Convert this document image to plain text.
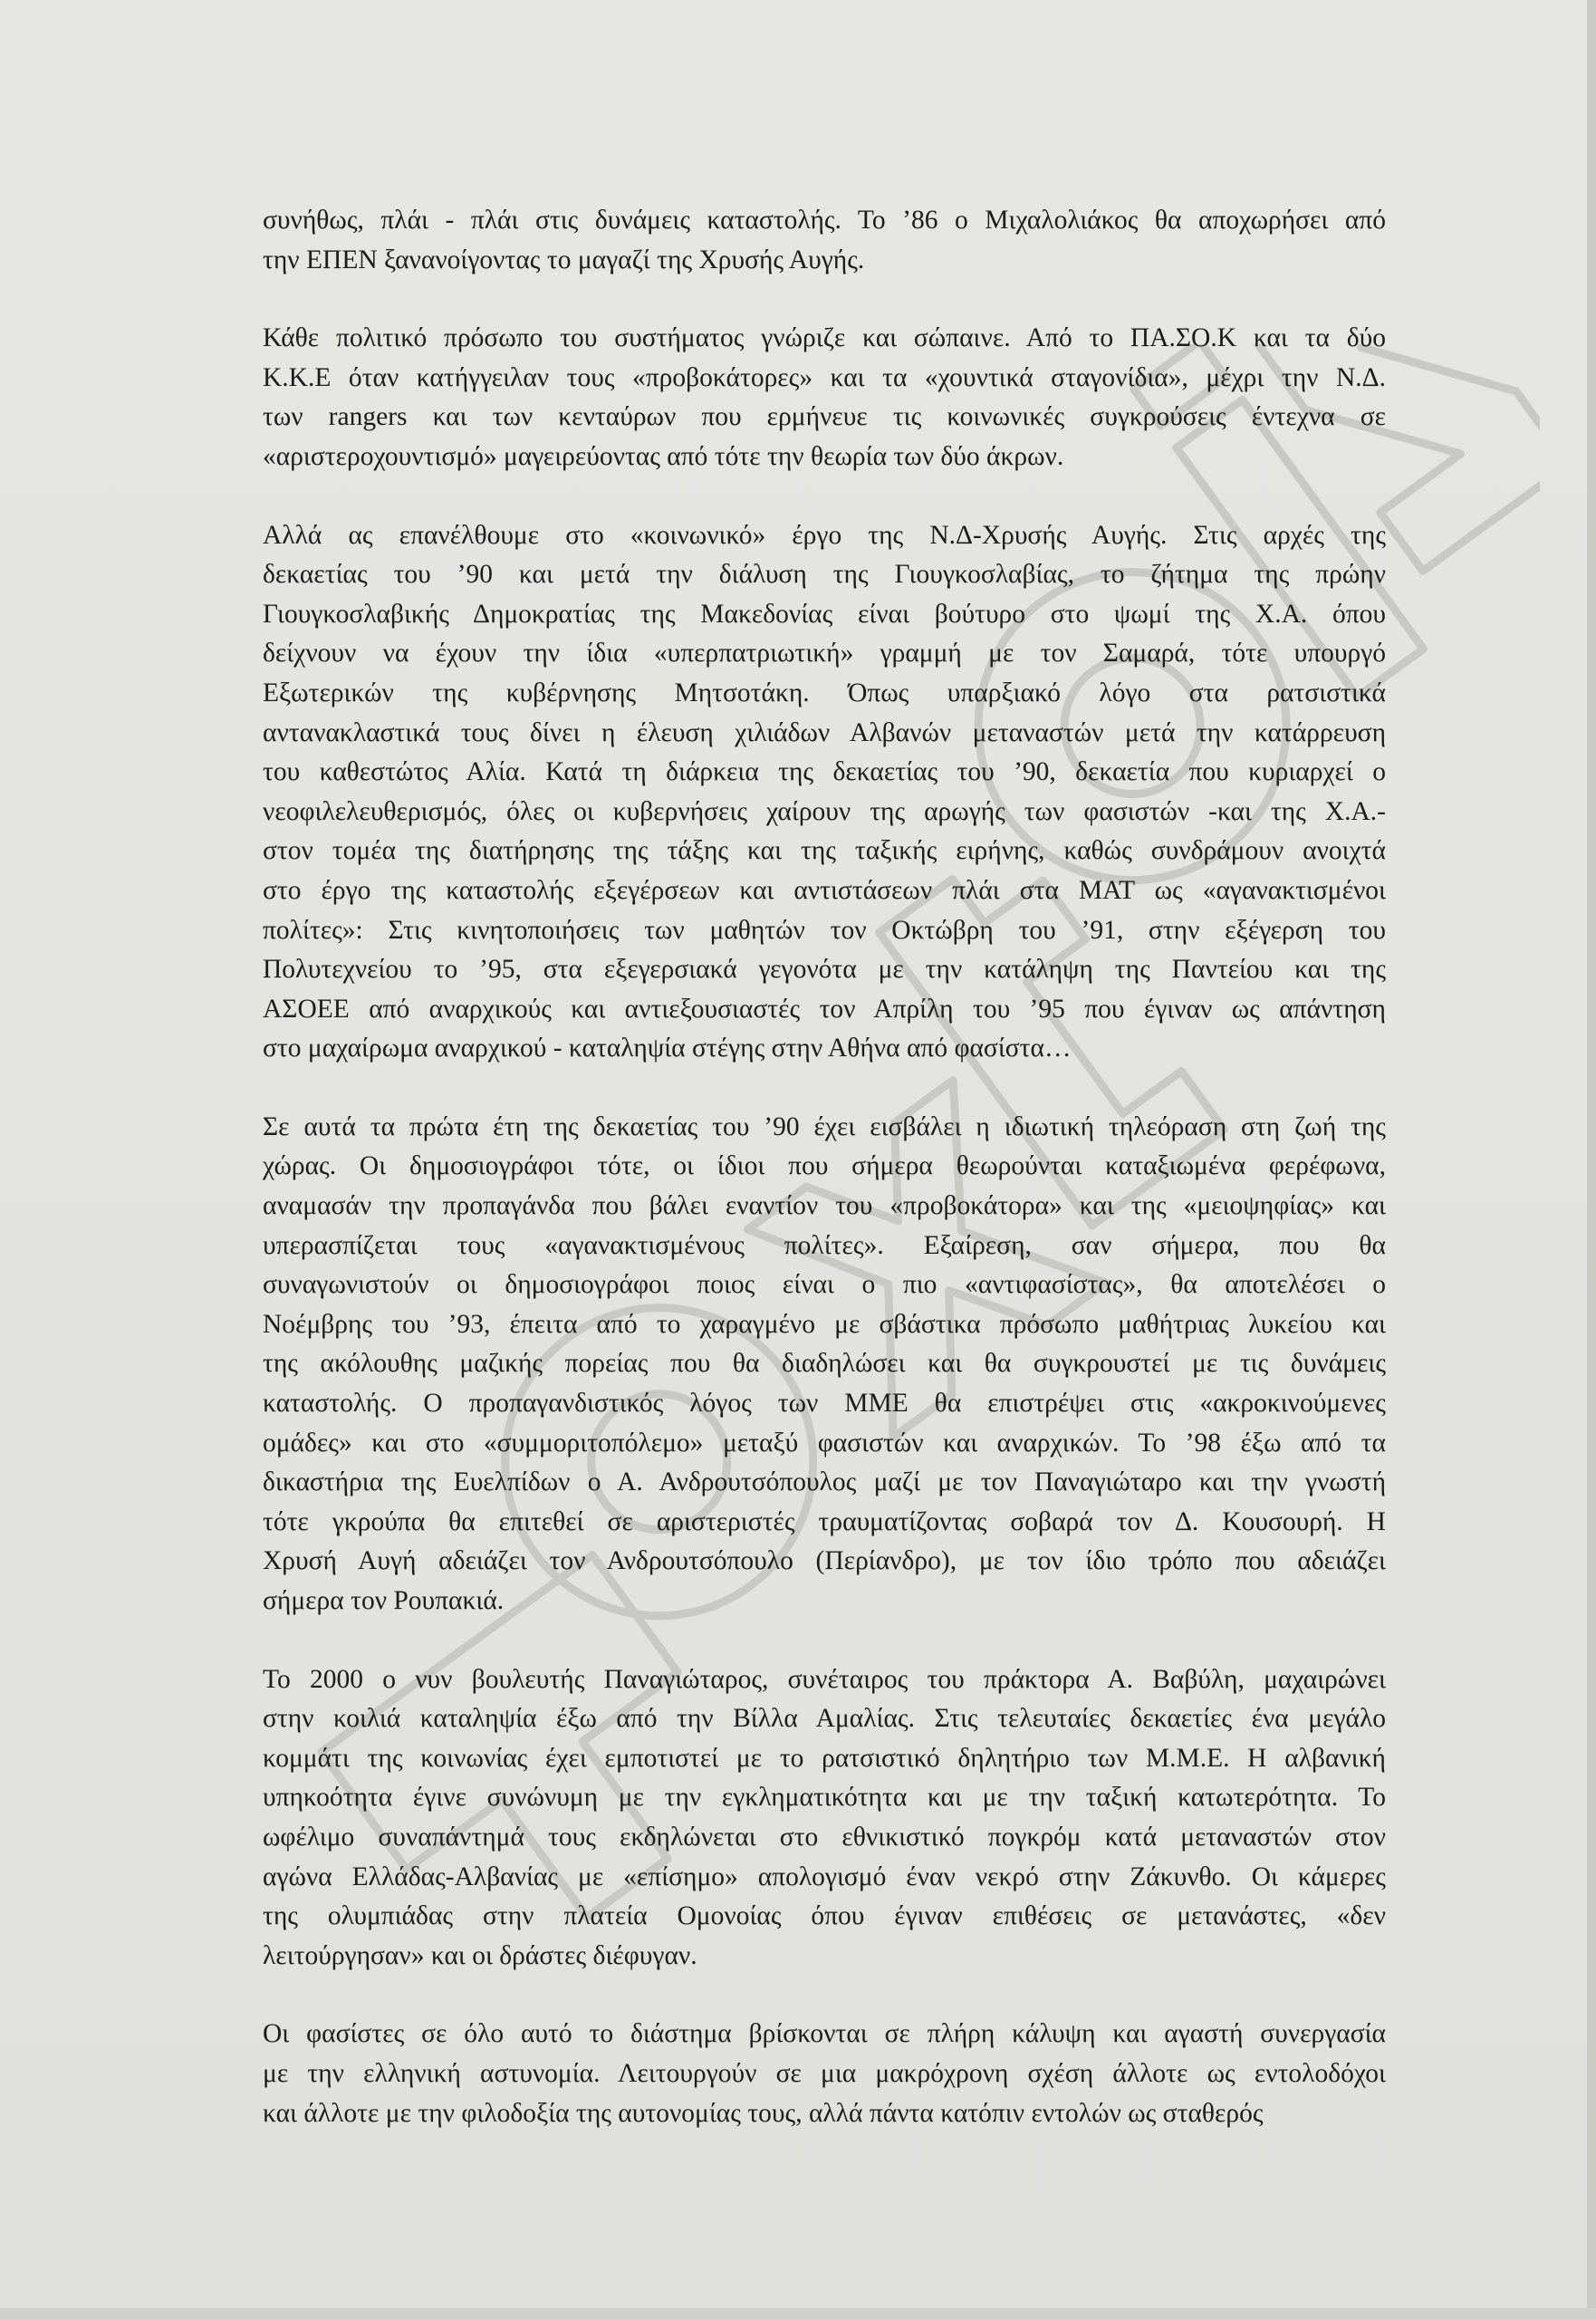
συνήθως, πλάι - πλάι στις δυνάμεις καταστολής. Το ’86 ο Μιχαλολιάκος θα αποχωρήσει από
την ΕΠΕΝ ξανανοίγοντας το μαγαζί της Χρυσής Αυγής.
Κάθε πολιτικό πρόσωπο του συστήματος γνώριζε και σώπαινε. Από το ΠΑ.ΣΟ.Κ και τα δύο
Κ.Κ.Ε όταν κατήγγειλαν τους «προβοκάτορες» και τα «χουντικά σταγονίδια», μέχρι την Ν.Δ.
των rangers και των κενταύρων που ερμήνευε τις κοινωνικές συγκρούσεις έντεχνα σε
«αριστεροχουντισμό» μαγειρεύοντας από τότε την θεωρία των δύο άκρων.
Αλλά ας επανέλθουμε στο «κοινωνικό» έργο της Ν.Δ-Χρυσής Αυγής. Στις αρχές της
δεκαετίας του ’90 και μετά την διάλυση της Γιουγκοσλαβίας, το ζήτημα της πρώην
Γιουγκοσλαβικής Δημοκρατίας της Μακεδονίας είναι βούτυρο στο ψωμί της Χ.Α. όπου
δείχνουν να έχουν την ίδια «υπερπατριωτική» γραμμή με τον Σαμαρά, τότε υπουργό
Εξωτερικών της κυβέρνησης Μητσοτάκη. Όπως υπαρξιακό λόγο στα ρατσιστικά
αντανακλαστικά τους δίνει η έλευση χιλιάδων Αλβανών μεταναστών μετά την κατάρρευση
του καθεστώτος Αλία. Κατά τη διάρκεια της δεκαετίας του ’90, δεκαετία που κυριαρχεί ο
νεοφιλελευθερισμός, όλες οι κυβερνήσεις χαίρουν της αρωγής των φασιστών -και της Χ.Α.-
στον τομέα της διατήρησης της τάξης και της ταξικής ειρήνης, καθώς συνδράμουν ανοιχτά
στο έργο της καταστολής εξεγέρσεων και αντιστάσεων πλάι στα ΜΑΤ ως «αγανακτισμένοι
πολίτες»: Στις κινητοποιήσεις των μαθητών τον Οκτώβρη του ’91, στην εξέγερση του
Πολυτεχνείου το ’95, στα εξεγερσιακά γεγονότα με την κατάληψη της Παντείου και της
ΑΣΟΕΕ από αναρχικούς και αντιεξουσιαστές τον Απρίλη του ’95 που έγιναν ως απάντηση
στο μαχαίρωμα αναρχικού - καταληψία στέγης στην Αθήνα από φασίστα…
Σε αυτά τα πρώτα έτη της δεκαετίας του ’90 έχει εισβάλει η ιδιωτική τηλεόραση στη ζωή της
χώρας. Οι δημοσιογράφοι τότε, οι ίδιοι που σήμερα θεωρούνται καταξιωμένα φερέφωνα,
αναμασάν την προπαγάνδα που βάλει εναντίον του «προβοκάτορα» και της «μειοψηφίας» και
υπερασπίζεται τους «αγανακτισμένους πολίτες». Εξαίρεση, σαν σήμερα, που θα
συναγωνιστούν οι δημοσιογράφοι ποιος είναι ο πιο «αντιφασίστας», θα αποτελέσει ο
Νοέμβρης του ’93, έπειτα από το χαραγμένο με σβάστικα πρόσωπο μαθήτριας λυκείου και
της ακόλουθης μαζικής πορείας που θα διαδηλώσει και θα συγκρουστεί με τις δυνάμεις
καταστολής. Ο προπαγανδιστικός λόγος των ΜΜΕ θα επιστρέψει στις «ακροκινούμενες
ομάδες» και στο «συμμοριτοπόλεμο» μεταξύ φασιστών και αναρχικών. Το ’98 έξω από τα
δικαστήρια της Ευελπίδων ο Α. Ανδρουτσόπουλος μαζί με τον Παναγιώταρο και την γνωστή
τότε γκρούπα θα επιτεθεί σε αριστεριστές τραυματίζοντας σοβαρά τον Δ. Κουσουρή. Η
Χρυσή Αυγή αδειάζει τον Ανδρουτσόπουλο (Περίανδρο), με τον ίδιο τρόπο που αδειάζει
σήμερα τον Ρουπακιά.
Το 2000 ο νυν βουλευτής Παναγιώταρος, συνέταιρος του πράκτορα Α. Βαβύλη, μαχαιρώνει
στην κοιλιά καταληψία έξω από την Βίλλα Αμαλίας. Στις τελευταίες δεκαετίες ένα μεγάλο
κομμάτι της κοινωνίας έχει εμποτιστεί με το ρατσιστικό δηλητήριο των Μ.Μ.Ε. Η αλβανική
υπηκοότητα έγινε συνώνυμη με την εγκληματικότητα και με την ταξική κατωτερότητα. Το
ωφέλιμο συναπάντημά τους εκδηλώνεται στο εθνικιστικό πογκρόμ κατά μεταναστών στον
αγώνα Ελλάδας-Αλβανίας με «επίσημο» απολογισμό έναν νεκρό στην Ζάκυνθο. Οι κάμερες
της ολυμπιάδας στην πλατεία Ομονοίας όπου έγιναν επιθέσεις σε μετανάστες, «δεν
λειτούργησαν» και οι δράστες διέφυγαν.
Οι φασίστες σε όλο αυτό το διάστημα βρίσκονται σε πλήρη κάλυψη και αγαστή συνεργασία
με την ελληνική αστυνομία. Λειτουργούν σε μια μακρόχρονη σχέση άλλοτε ως εντολοδόχοι
και άλλοτε με την φιλοδοξία της αυτονομίας τους, αλλά πάντα κατόπιν εντολών ως σταθερός
